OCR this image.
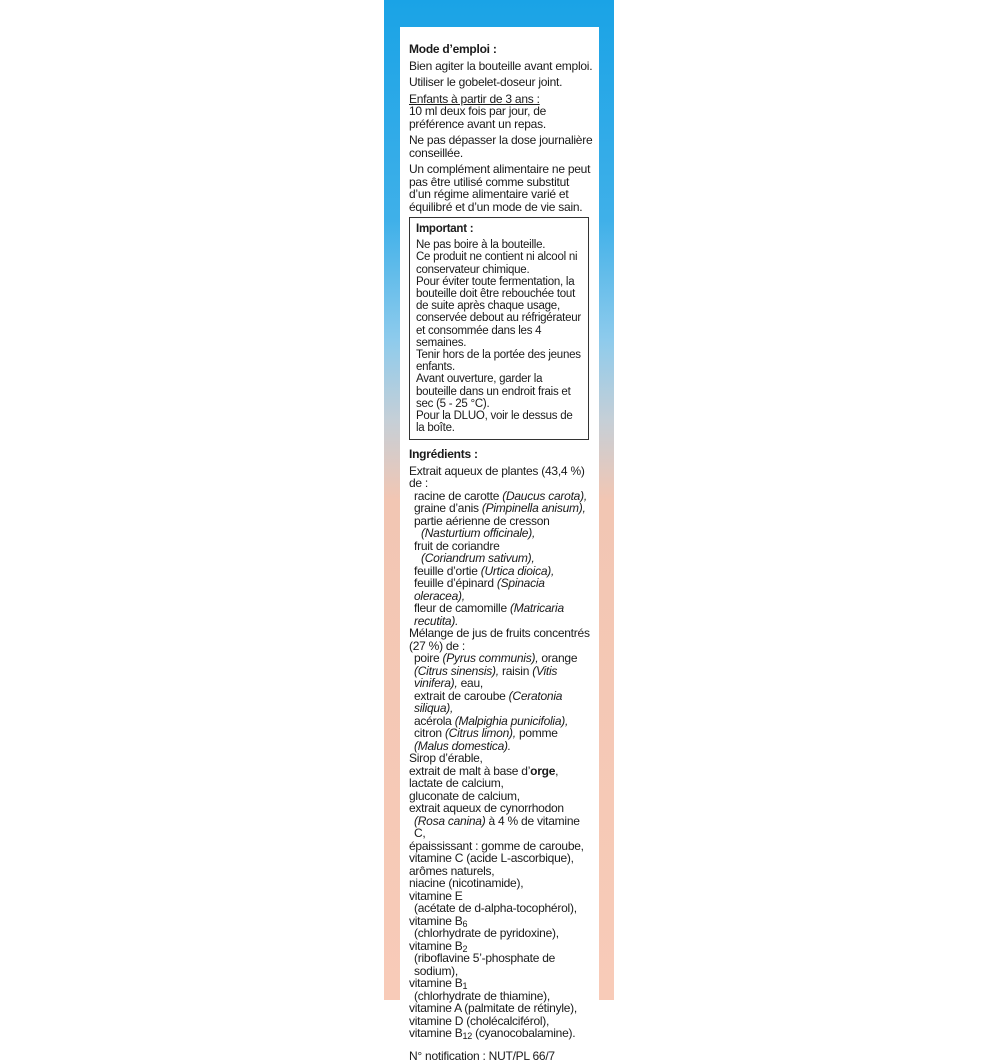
Mode d’emploi :

Bien agiter la bouteille avant emploi.

Utiliser le gobelet-doseur joint.

Enfants à partir de 3 ans :

10 ml deux fois par jour, de préférence avant un repas.

Ne pas dépasser la dose journalière conseillée.

Un complément alimentaire ne peut pas être utilisé comme substitut d’un régime alimentaire varié et équilibré et d’un mode de vie sain.

Important :

Ne pas boire à la bouteille.

Ce produit ne contient ni alcool ni conservateur chimique.

Pour éviter toute fermentation, la bouteille doit être rebouchée tout de suite après chaque usage, conservée debout au réfrigérateur et consommée dans les 4 semaines.

Tenir hors de la portée des jeunes enfants.

Avant ouverture, garder la bouteille dans un endroit frais et sec (5 - 25 °C).

Pour la DLUO, voir le dessus de la boîte.

Ingrédients :
Extrait aqueux de plantes (43,4 %) de :
racine de carotte (Daucus carota),
graine d’anis (Pimpinella anisum),
partie aérienne de cresson
(Nasturtium officinale),
fruit de coriandre
(Coriandrum sativum),
feuille d’ortie (Urtica dioica),
feuille d’épinard (Spinacia oleracea),
fleur de camomille (Matricaria recutita).
Mélange de jus de fruits concentrés (27 %) de :
poire (Pyrus communis), orange (Citrus sinensis), raisin (Vitis vinifera), eau,
extrait de caroube (Ceratonia siliqua),
acérola (Malpighia punicifolia),
citron (Citrus limon), pomme (Malus domestica).
Sirop d’érable,
extrait de malt à base d’orge,
lactate de calcium,
gluconate de calcium,
extrait aqueux de cynorrhodon
(Rosa canina) à 4 % de vitamine C,
épaississant : gomme de caroube,
vitamine C (acide L-ascorbique),
arômes naturels,
niacine (nicotinamide),
vitamine E
(acétate de d-alpha-tocophérol),
vitamine $B_6$
(chlorhydrate de pyridoxine),
vitamine $B_2$
(riboflavine 5’-phosphate de sodium),
vitamine $B_1$
(chlorhydrate de thiamine),
vitamine A (palmitate de rétinyle),
vitamine D (cholécalciférol),
vitamine $B_{12}$ (cyanocobalamine).

N° notification : NUT/PL 66/7
